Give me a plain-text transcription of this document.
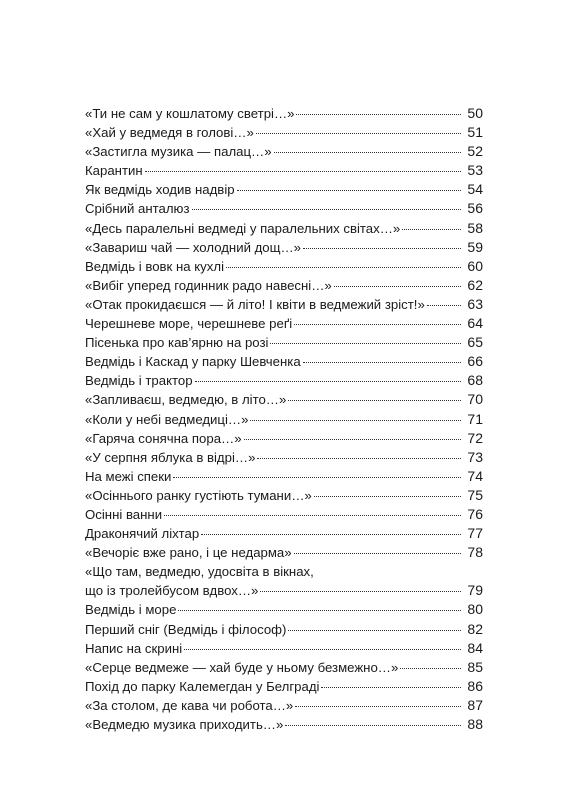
«Ти не сам у кошлатому светрі…»	50
«Хай у ведмедя в голові…»	51
«Застигла музика — палац…»	52
Карантин	53
Як ведмідь ходив надвір	54
Срібний анталюз	56
«Десь паралельні ведмеді у паралельних світах…»	58
«Завариш чай — холодний дощ…»	59
Ведмідь і вовк на кухлі	60
«Вибіг уперед годинник радо навесні…»	62
«Отак прокидаєшся — й літо! І квіти в ведмежий зріст!»	63
Черешневе море, черешневе реґі	64
Пісенька про кав’ярню на розі	65
Ведмідь і Каскад у парку Шевченка	66
Ведмідь і трактор	68
«Запливаєш, ведмедю, в літо…»	70
«Коли у небі ведмедиці…»	71
«Гаряча сонячна пора…»	72
«У серпня яблука в відрі…»	73
На межі спеки	74
«Осіннього ранку густіють тумани…»	75
Осінні ванни	76
Драконячий ліхтар	77
«Вечоріє вже рано, і це недарма»	78
«Що там, ведмедю, удосвіта в вікнах,
що із тролейбусом вдвох…»	79
Ведмідь і море	80
Перший сніг (Ведмідь і філософ)	82
Напис на скрині	84
«Серце ведмеже — хай буде у ньому безмежно…»	85
Похід до парку Калемегдан у Белграді	86
«За столом, де кава чи робота…»	87
«Ведмедю музика приходить…»	88
